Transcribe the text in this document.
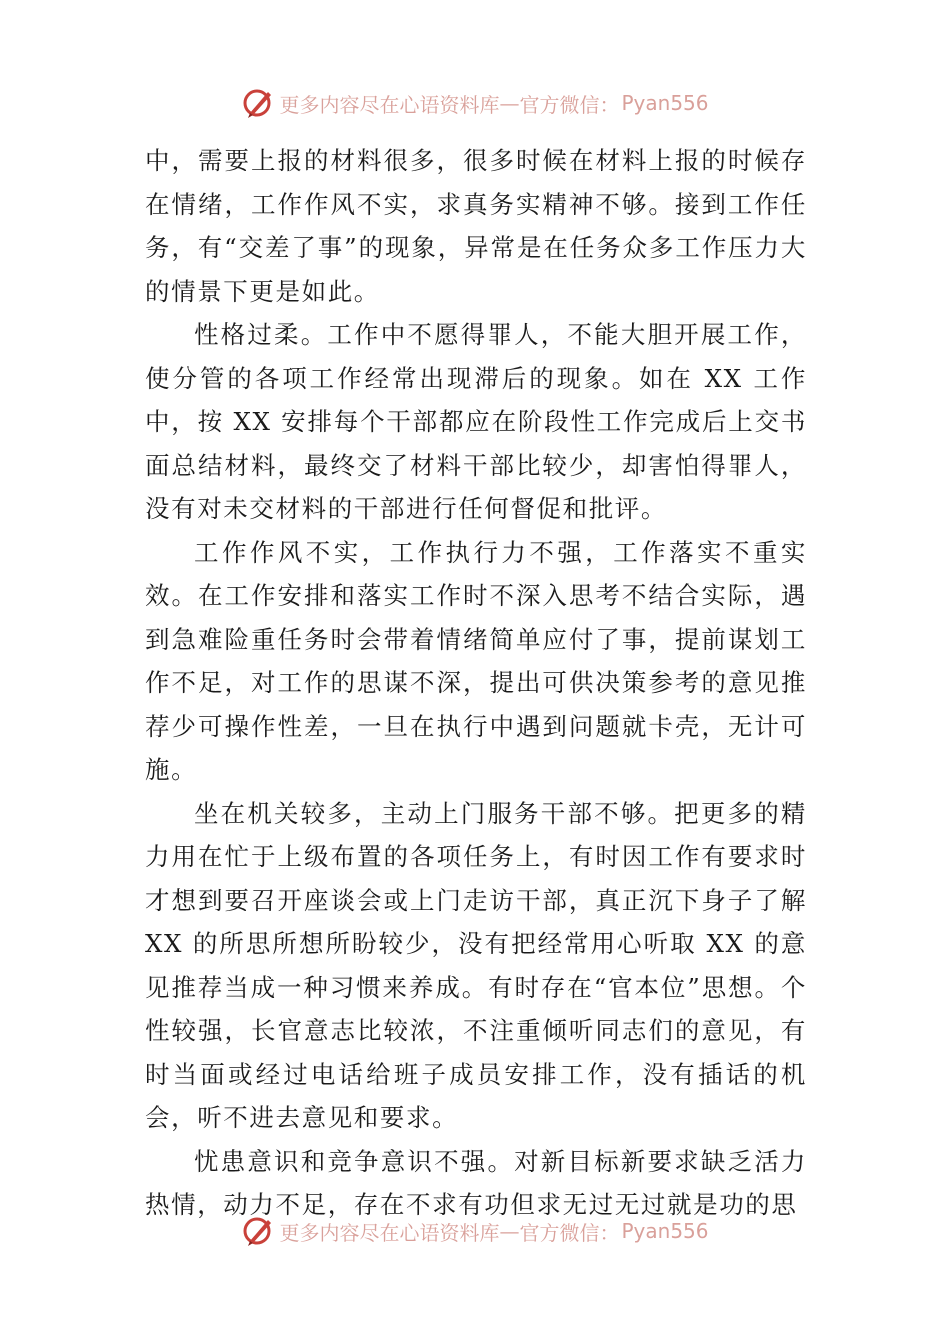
更多内容尽在心语资料库 — 官方微信： Pyan556

中，需要上报的材料很多，很多时候在材料上报的时候存在情绪，工作作风不实，求真务实精神不够。接到工作任务，有“交差了事”的现象，异常是在任务众多工作压力大的情景下更是如此。

性格过柔。工作中不愿得罪人，不能大胆开展工作，使分管的各项工作经常出现滞后的现象。如在 XX 工作中，按 XX 安排每个干部都应在阶段性工作完成后上交书面总结材料，最终交了材料干部比较少，却害怕得罪人，没有对未交材料的干部进行任何督促和批评。

工作作风不实，工作执行力不强，工作落实不重实效。在工作安排和落实工作时不深入思考不结合实际，遇到急难险重任务时会带着情绪简单应付了事，提前谋划工作不足，对工作的思谋不深，提出可供决策参考的意见推荐少可操作性差，一旦在执行中遇到问题就卡壳，无计可施。

坐在机关较多，主动上门服务干部不够。把更多的精力用在忙于上级布置的各项任务上，有时因工作有要求时才想到要召开座谈会或上门走访干部，真正沉下身子了解 XX 的所思所想所盼较少，没有把经常用心听取 XX 的意见推荐当成一种习惯来养成。有时存在“官本位”思想。个性较强，长官意志比较浓，不注重倾听同志们的意见，有时当面或经过电话给班子成员安排工作，没有插话的机会，听不进去意见和要求。

忧患意识和竞争意识不强。对新目标新要求缺乏活力热情，动力不足，存在不求有功但求无过无过就是功的思

更多内容尽在心语资料库 — 官方微信： Pyan556
